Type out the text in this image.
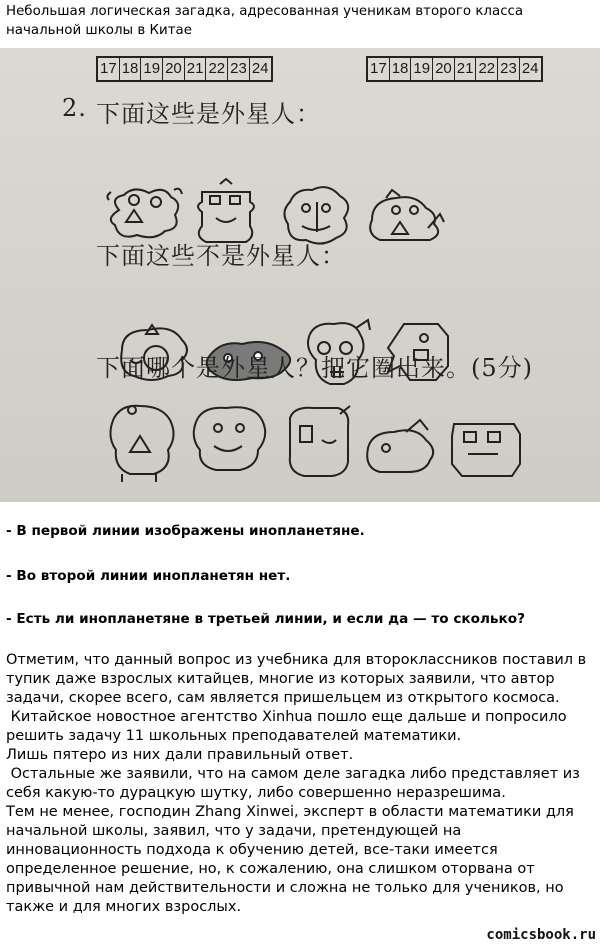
Небольшая логическая загадка, адресованная ученикам второго класса начальной школы в Китае

17 18 19 20 21 22 23 24	17 18 19 20 21 22 23 24
2. 下面这些是外星人：
下面这些不是外星人：
下面哪个是外星人？把它圈出来。(5分)
- В первой линии изображены инопланетяне.
- Во второй линии инопланетян нет.
- Есть ли инопланетяне в третьей линии, и если да — то сколько?
Отметим, что данный вопрос из учебника для второклассников поставил в тупик даже взрослых китайцев, многие из которых заявили, что автор задачи, скорее всего, сам является пришельцем из открытого космоса.
Китайское новостное агентство Xinhua пошло еще дальше и попросило решить задачу 11 школьных преподавателей математики.
Лишь пятеро из них дали правильный ответ.
Остальные же заявили, что на самом деле загадка либо представляет из себя какую-то дурацкую шутку, либо совершенно неразрешима.
Тем не менее, господин Zhang Xinwei, эксперт в области математики для начальной школы, заявил, что у задачи, претендующей на инновационность подхода к обучению детей, все-таки имеется определенное решение, но, к сожалению, она слишком оторвана от привычной нам действительности и сложна не только для учеников, но также и для многих взрослых.
comicsbook.ru
